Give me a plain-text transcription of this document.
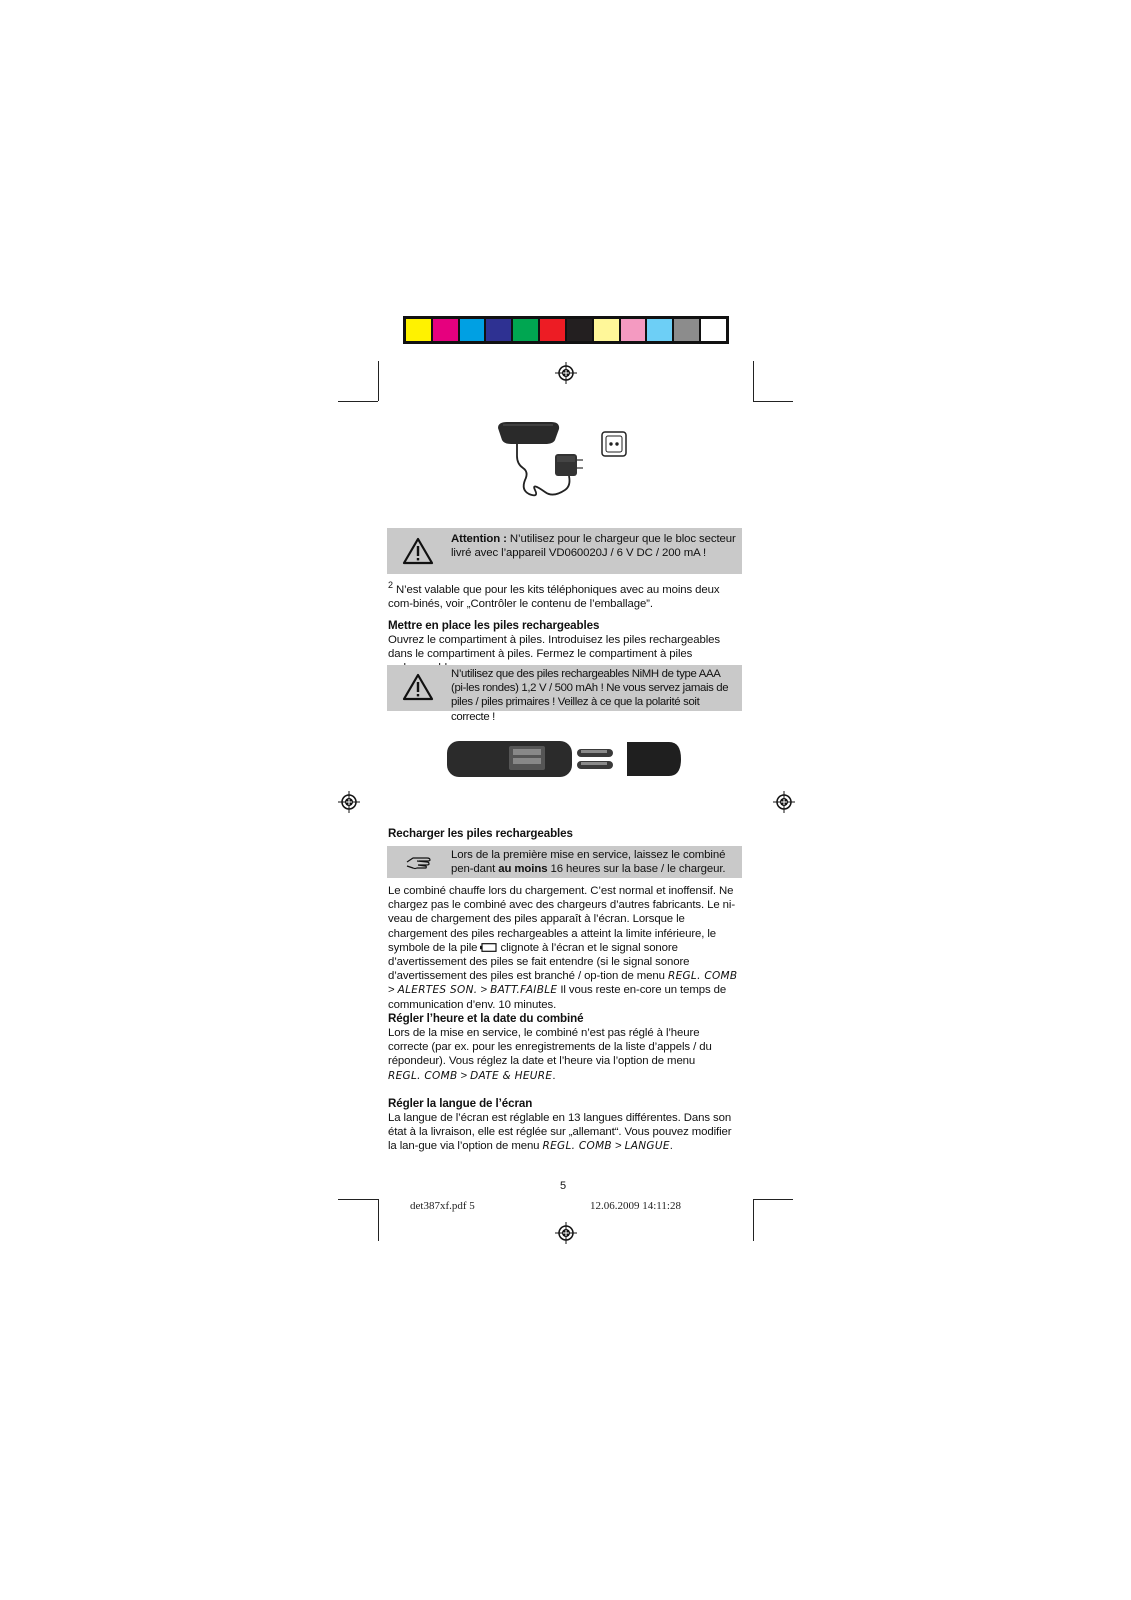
Attention : N’utilisez pour le chargeur que le bloc secteur livré avec l’appareil VD060020J / 6 V DC / 200 mA !
$^2$ N’est valable que pour les kits téléphoniques avec au moins deux com-binés, voir „Contrôler le contenu de l’emballage”.
Mettre en place les piles rechargeables
Ouvrez le compartiment à piles. Introduisez les piles rechargeables dans le compartiment à piles. Fermez le compartiment à piles
N’utilisez que des piles rechargeables NiMH de type AAA (pi-les rondes) 1,2 V / 500 mAh ! Ne vous servez jamais de piles / piles primaires ! Veillez à ce que la polarité soit correcte !
Recharger les piles rechargeables
Lors de la première mise en service, laissez le combiné pen-dant au moins 16 heures sur la base / le chargeur.
Le combiné chauffe lors du chargement. C’est normal et inoffensif. Ne chargez pas le combiné avec des chargeurs d’autres fabricants. Le ni-veau de chargement des piles apparaît à l’écran. Lorsque le chargement des piles rechargeables a atteint la limite inférieure, le symbole de la pile  clignote à l’écran et le signal sonore d’avertissement des piles se fait entendre (si le signal sonore d’avertissement des piles est branché / op-tion de menu REGL. COMB > ALERTES SON. > BATT.FAIBLE Il vous reste en-core un temps de communication d’env. 10 minutes.
Régler l’heure et la date du combiné
Lors de la mise en service, le combiné n’est pas réglé à l’heure correcte (par ex. pour les enregistrements de la liste d’appels / du répondeur). Vous réglez la date et l’heure via l’option de menu
REGL. COMB > DATE & HEURE.
Régler la langue de l’écran
La langue de l’écran est réglable en 13 langues différentes. Dans son état à la livraison, elle est réglée sur „allemant“. Vous pouvez modifier la lan-gue via l’option de menu REGL. COMB > LANGUE.
5
det387xf.pdf 5	12.06.2009 14:11:28
